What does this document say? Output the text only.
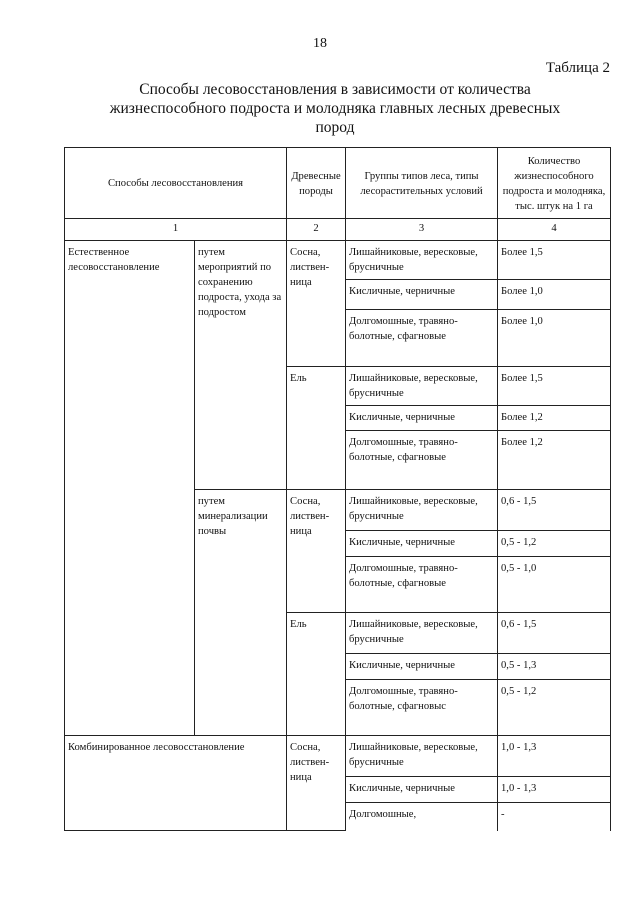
18
Таблица 2
Способы лесовосстановления в зависимости от количества жизнеспособного подроста и молодняка главных лесных древесных пород
Способы лесовосстановления		Древесные породы	Группы типов леса, типы лесорастительных условий	Количество жизнеспособного подроста и молодняка, тыс. штук на 1 га
1		2	3	4
Естественное лесовосстановление	путем мероприятий по сохранению подроста, ухода за подростом	Сосна, листвен-ница	Лишайниковые, вересковые, брусничные	Более 1,5
			Кисличные, черничные	Более 1,0
			Долгомошные, травяно-болотные, сфагновые	Более 1,0
		Ель	Лишайниковые, вересковые, брусничные	Более 1,5
			Кисличные, черничные	Более 1,2
			Долгомошные, травяно-болотные, сфагновые	Более 1,2
	путем минерализации почвы	Сосна, листвен-ница	Лишайниковые, вересковые, брусничные	0,6 - 1,5
			Кисличные, черничные	0,5 - 1,2
			Долгомошные, травяно-болотные, сфагновые	0,5 - 1,0
		Ель	Лишайниковые, вересковые, брусничные	0,6 - 1,5
			Кисличные, черничные	0,5 - 1,3
			Долгомошные, травяно-болотные, сфагновыс	0,5 - 1,2
Комбинированное лесовосстановление		Сосна, листвен-ница	Лишайниковые, вересковые, брусничные	1,0 - 1,3
			Кисличные, черничные	1,0 - 1,3
			Долгомошные,	-
